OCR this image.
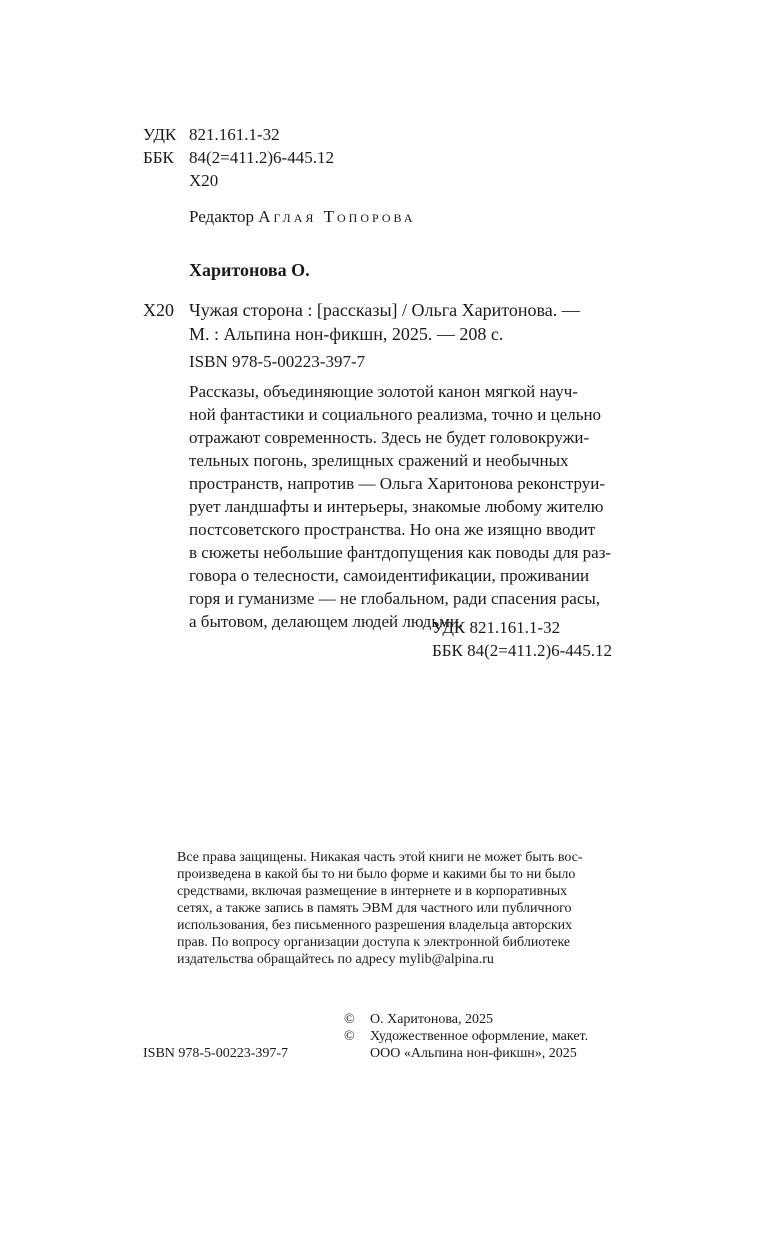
УДК 821.161.1-32
ББК 84(2=411.2)6-445.12
Х20
Редактор Аглая Топорова
Харитонова О.
Х20 Чужая сторона : [рассказы] / Ольга Харитонова. —
М. : Альпина нон-фикшн, 2025. — 208 с.
ISBN 978-5-00223-397-7
Рассказы, объединяющие золотой канон мягкой науч-
ной фантастики и социального реализма, точно и цельно
отражают современность. Здесь не будет головокружи-
тельных погонь, зрелищных сражений и необычных
пространств, напротив — Ольга Харитонова реконструи-
рует ландшафты и интерьеры, знакомые любому жителю
постсоветского пространства. Но она же изящно вводит
в сюжеты небольшие фантдопущения как поводы для раз-
говора о телесности, самоидентификации, проживании
горя и гуманизме — не глобальном, ради спасения расы,
а бытовом, делающем людей людьми.
УДК 821.161.1-32
ББК 84(2=411.2)6-445.12
Все права защищены. Никакая часть этой книги не может быть вос-
произведена в какой бы то ни было форме и какими бы то ни было
средствами, включая размещение в интернете и в корпоративных
сетях, а также запись в память ЭВМ для частного или публичного
использования, без письменного разрешения владельца авторских
прав. По вопросу организации доступа к электронной библиотеке
издательства обращайтесь по адресу mylib@alpina.ru
© О. Харитонова, 2025
© Художественное оформление, макет.
ООО «Альпина нон-фикшн», 2025
ISBN 978-5-00223-397-7
